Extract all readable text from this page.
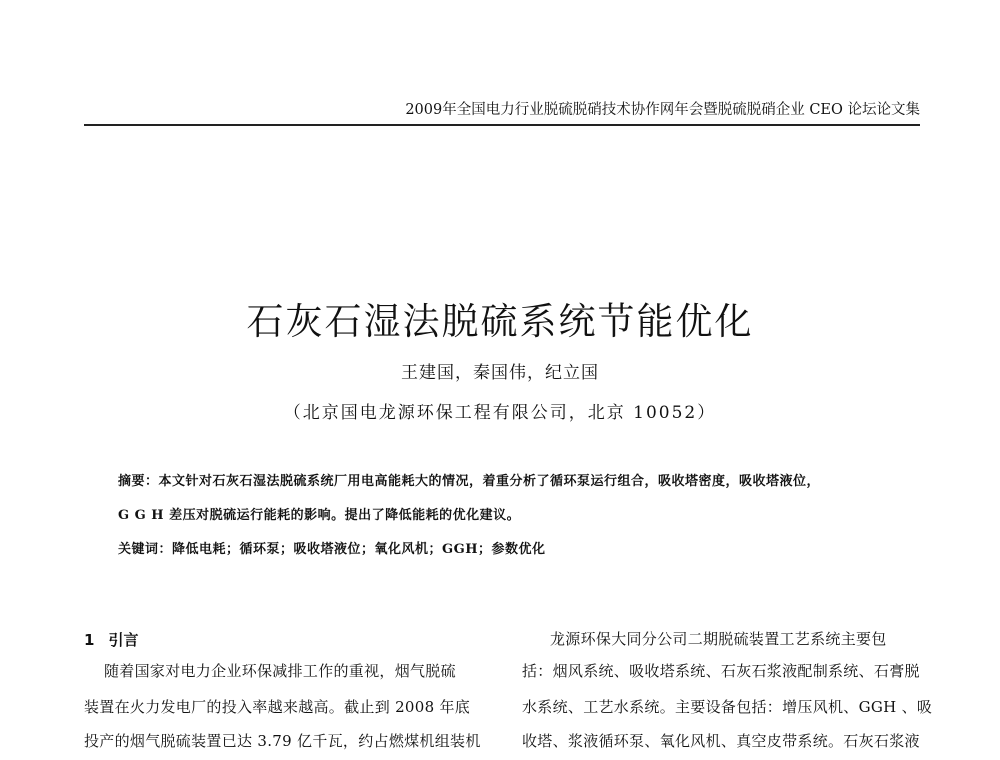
2009年全国电力行业脱硫脱硝技术协作网年会暨脱硫脱硝企业 CEO 论坛论文集
石灰石湿法脱硫系统节能优化
王建国，秦国伟，纪立国
（北京国电龙源环保工程有限公司，北京 10052）
摘要：本文针对石灰石湿法脱硫系统厂用电高能耗大的情况，着重分析了循环泵运行组合，吸收塔密度，吸收塔液位，
G G H 差压对脱硫运行能耗的影响。提出了降低能耗的优化建议。
关键词：降低电耗；循环泵；吸收塔液位；氧化风机；GGH；参数优化
1 引言
随着国家对电力企业环保减排工作的重视，烟气脱硫
装置在火力发电厂的投入率越来越高。截止到 2008 年底
投产的烟气脱硫装置已达 3.79 亿千瓦，约占燃煤机组装机
龙源环保大同分公司二期脱硫装置工艺系统主要包
括：烟风系统、吸收塔系统、石灰石浆液配制系统、石膏脱
水系统、工艺水系统。主要设备包括：增压风机、GGH 、吸
收塔、浆液循环泵、氧化风机、真空皮带系统。石灰石浆液
